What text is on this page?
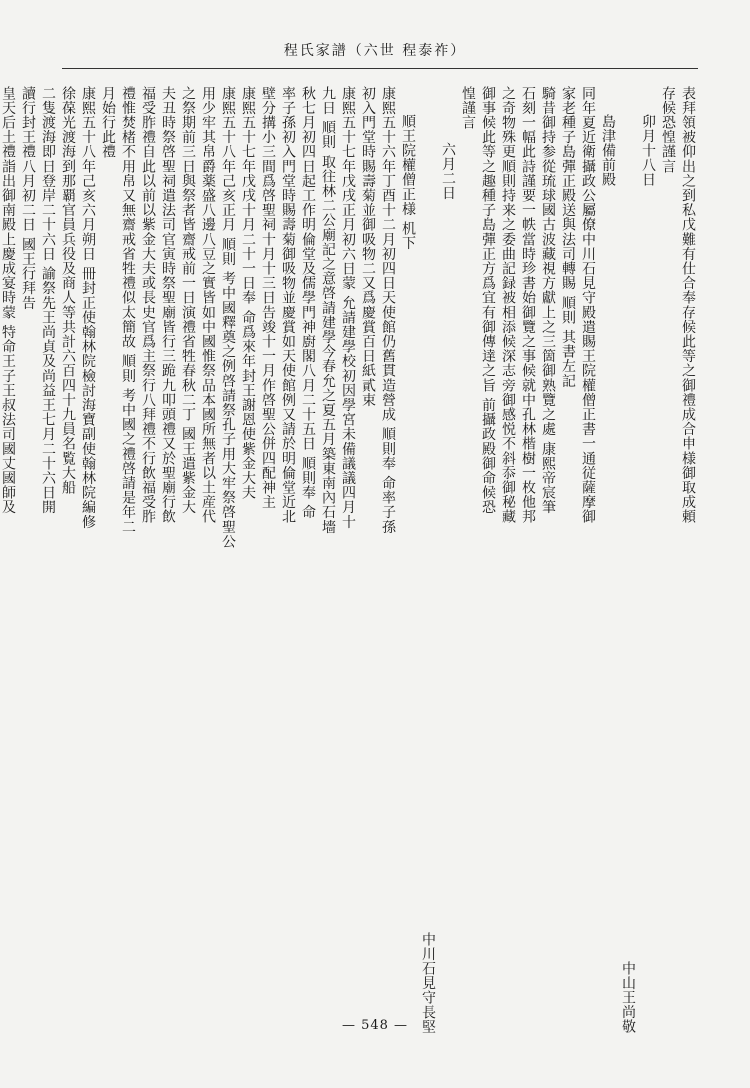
程氏家譜（六世 程泰祚）

表拜領被仰出之到私戊難有仕合奉存候此等之御禮成合申様御取成頼

存候恐惶謹言

卯月十八日

中山王尚敬

島津備前殿

同年夏近衛攝政公屬僚中川石見守殿遣賜王院權僧正書一通従薩摩御

家老種子島彈正殿送與法司轉賜 順則 其書左記

騎昔御持参從琉球國古波藏視方獻上之三箇御熟覽之處 康熙帝宸筆

石刻一幅此詩謹要一帙當時珍書始御覽之事候就中孔林楷樹一枚他邦

之奇物殊更順則持来之委曲記録被相添候深志旁御感悦不斜忝御秘藏

御事候此等之趣種子島彈正方爲宜有御傳達之旨 前攝政殿御命候恐

惶謹言

六月二日

中川石見守長堅

順王院權僧正様 机下

康熙五十六年丁酉十二月初四日天使館仍舊貫造營成 順則奉 命率子孫

初入門堂時賜壽菊並御吸物二又爲慶賞百日紙貳束

康熙五十七年戊戌正月初六日蒙 允請建學校初因學宮未備議議四月十

九日 順則 取往林二公廟記之意啓請建學今春允之夏五月築東南內石墻

秋七月初四日起工作明倫堂及儒學門神廚閣八月二十五日 順則奉 命

率子孫初入門堂時賜壽菊御吸物並慶賞如天使館例又請於明倫堂近北

壁分搆小三間爲啓聖祠十月十三日告竣十一月作啓聖公併四配神主

康熙五十七年戊戌十月二十一日奉 命爲來年封王謝恩使紫金大夫

康熙五十八年己亥正月 順則 考中國釋奠之例啓請祭孔子用大牢祭啓聖公

用少牢其帛爵薬盛八邊八豆之實皆如中國惟祭品本國所無者以土産代

之祭期前三日與祭者皆齋戒前一日演禮省牲春秋二丁 國王遣紫金大

夫丑時祭啓聖祠遣法司官寅時祭聖廟皆行三跪九叩頭禮又於聖廟行飲

福受胙禮自此以前以紫金大夫或長史官爲主祭行八拜禮不行飲福受胙

禮惟焚楮不用帛又無齋戒省牲禮似太簡故 順則 考中國之禮啓請是年二

月始行此禮

康熙五十八年己亥六月朔日 冊封正使翰林院檢討海寶副使翰林院編修

徐葆光渡海到那覇官員兵役及商人等共計六百四十九員名覧大船

二隻渡海即日登岸二十六日 諭祭先王尚貞及尚益王七月二十六日開

讀行封王禮八月初二日 國王行拜告

皇天后土禮詣出御南殿上慶成宴時蒙 特命王子王叔法司國丈國師及

— 548 —
